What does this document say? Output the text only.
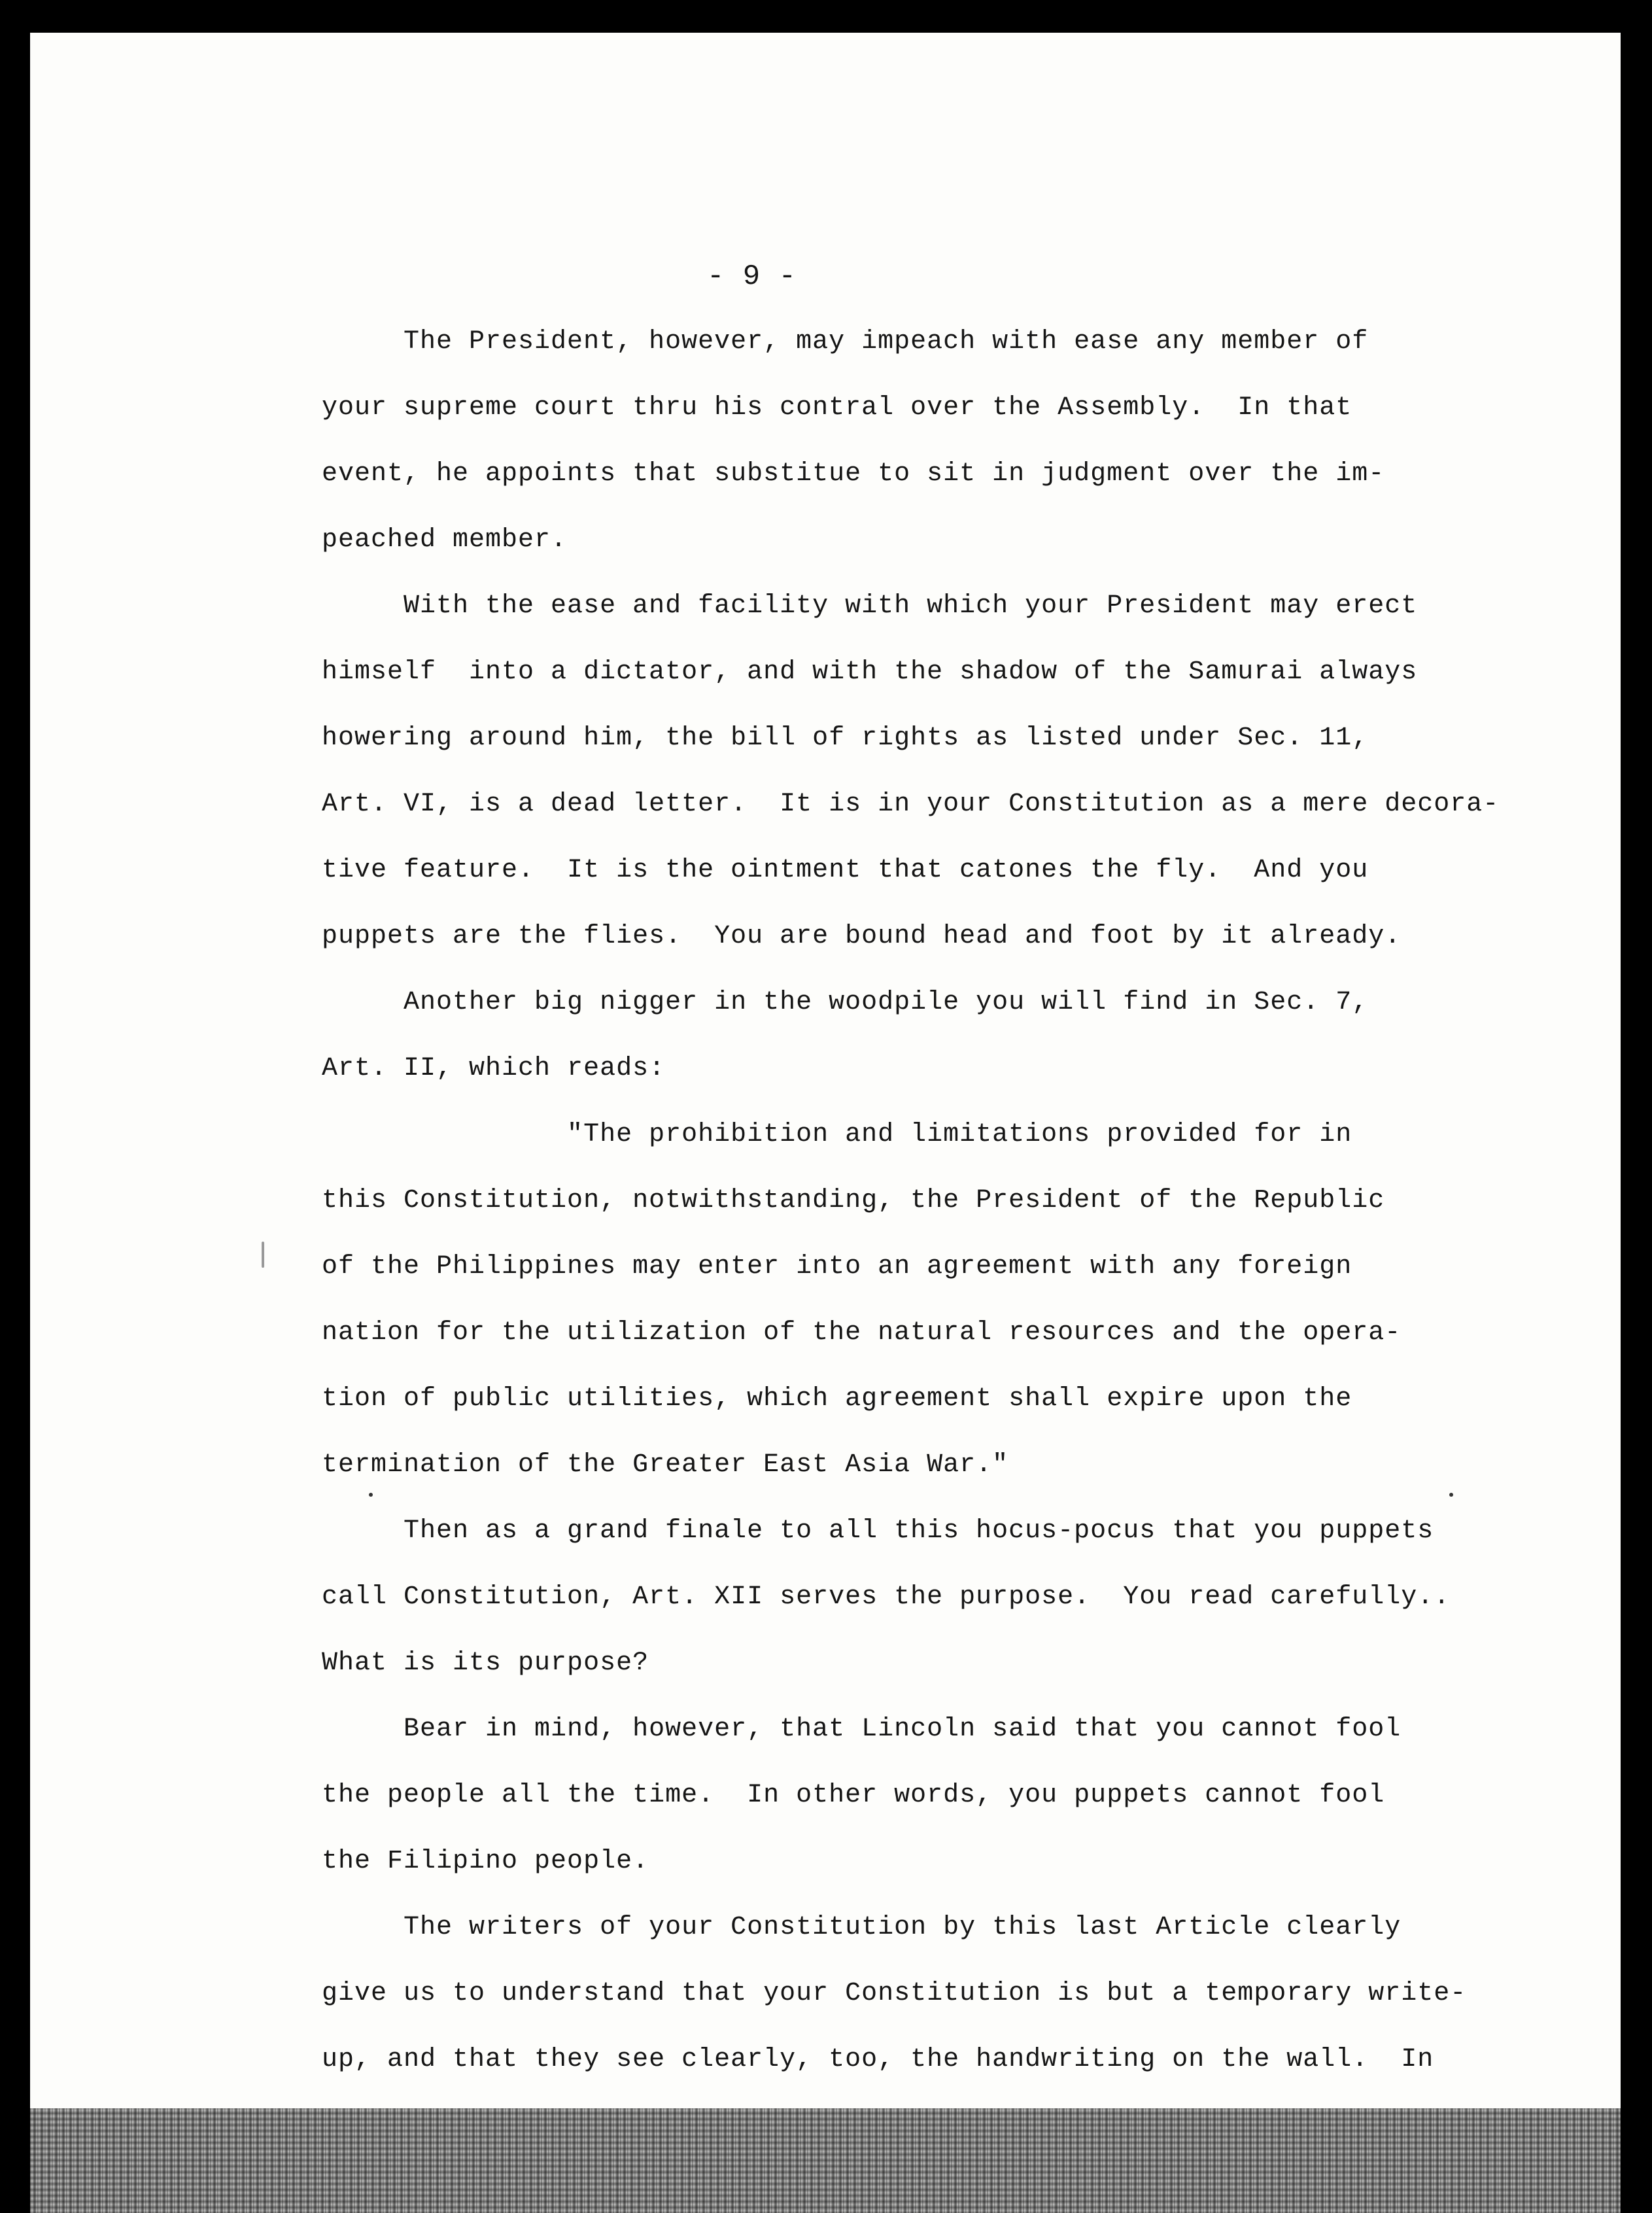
- 9 -

The President, however, may impeach with ease any member of

your supreme court thru his contral over the Assembly.  In that

event, he appoints that substitue to sit in judgment over the im-

peached member.

With the ease and facility with which your President may erect

himself  into a dictator, and with the shadow of the Samurai always

howering around him, the bill of rights as listed under Sec. 11,

Art. VI, is a dead letter.  It is in your Constitution as a mere decora-

tive feature.  It is the ointment that catones the fly.  And you

puppets are the flies.  You are bound head and foot by it already.

Another big nigger in the woodpile you will find in Sec. 7,

Art. II, which reads:

"The prohibition and limitations provided for in

this Constitution, notwithstanding, the President of the Republic

of the Philippines may enter into an agreement with any foreign

nation for the utilization of the natural resources and the opera-

tion of public utilities, which agreement shall expire upon the

termination of the Greater East Asia War."

Then as a grand finale to all this hocus-pocus that you puppets

call Constitution, Art. XII serves the purpose.  You read carefully..

What is its purpose?

Bear in mind, however, that Lincoln said that you cannot fool

the people all the time.  In other words, you puppets cannot fool

the Filipino people.

The writers of your Constitution by this last Article clearly

give us to understand that your Constitution is but a temporary write-

up, and that they see clearly, too, the handwriting on the wall.  In
